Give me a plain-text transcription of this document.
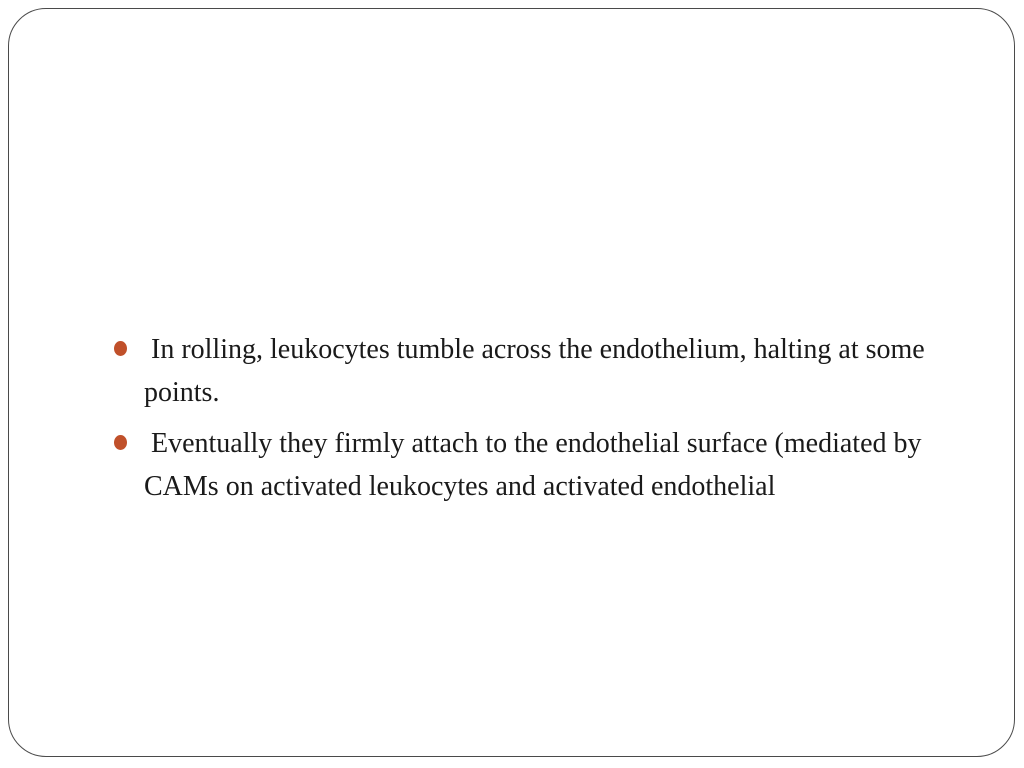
In rolling, leukocytes tumble across the endothelium, halting at some points.
Eventually they firmly attach to the endothelial surface (mediated by CAMs on activated leukocytes and activated endothelial
